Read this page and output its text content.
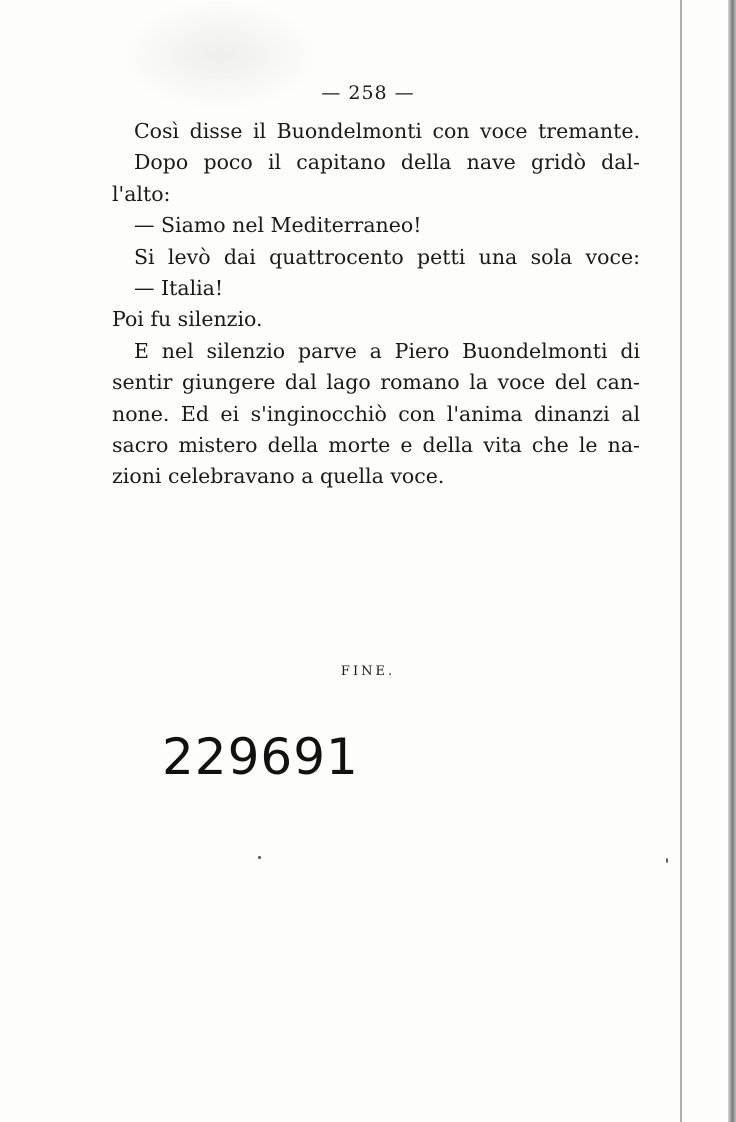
— 258 —
Così disse il Buondelmonti con voce tremante.
Dopo poco il capitano della nave gridò dal-
l'alto:
— Siamo nel Mediterraneo!
Si levò dai quattrocento petti una sola voce:
— Italia!
Poi fu silenzio.
E nel silenzio parve a Piero Buondelmonti di
sentir giungere dal lago romano la voce del can-
none. Ed ei s'inginocchiò con l'anima dinanzi al
sacro mistero della morte e della vita che le na-
zioni celebravano a quella voce.
FINE.
229691
